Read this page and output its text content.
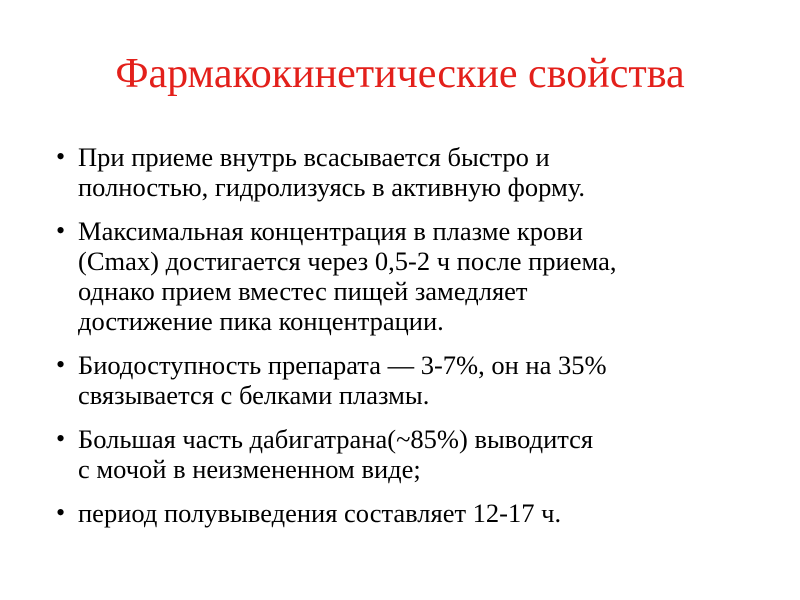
Фармакокинетические свойства
• При приеме внутрь всасывается быстро и
полностью, гидролизуясь в активную форму.
• Максимальная концентрация в плазме крови
(Cmax) достигается через 0,5-2 ч после приема,
однако прием вместес пищей замедляет
достижение пика концентрации.
• Биодоступность препарата — 3-7%, он на 35%
связывается с белками плазмы.
• Большая часть дабигатрана(~85%) выводится
с мочой в неизмененном виде;
• период полувыведения составляет 12-17 ч.
